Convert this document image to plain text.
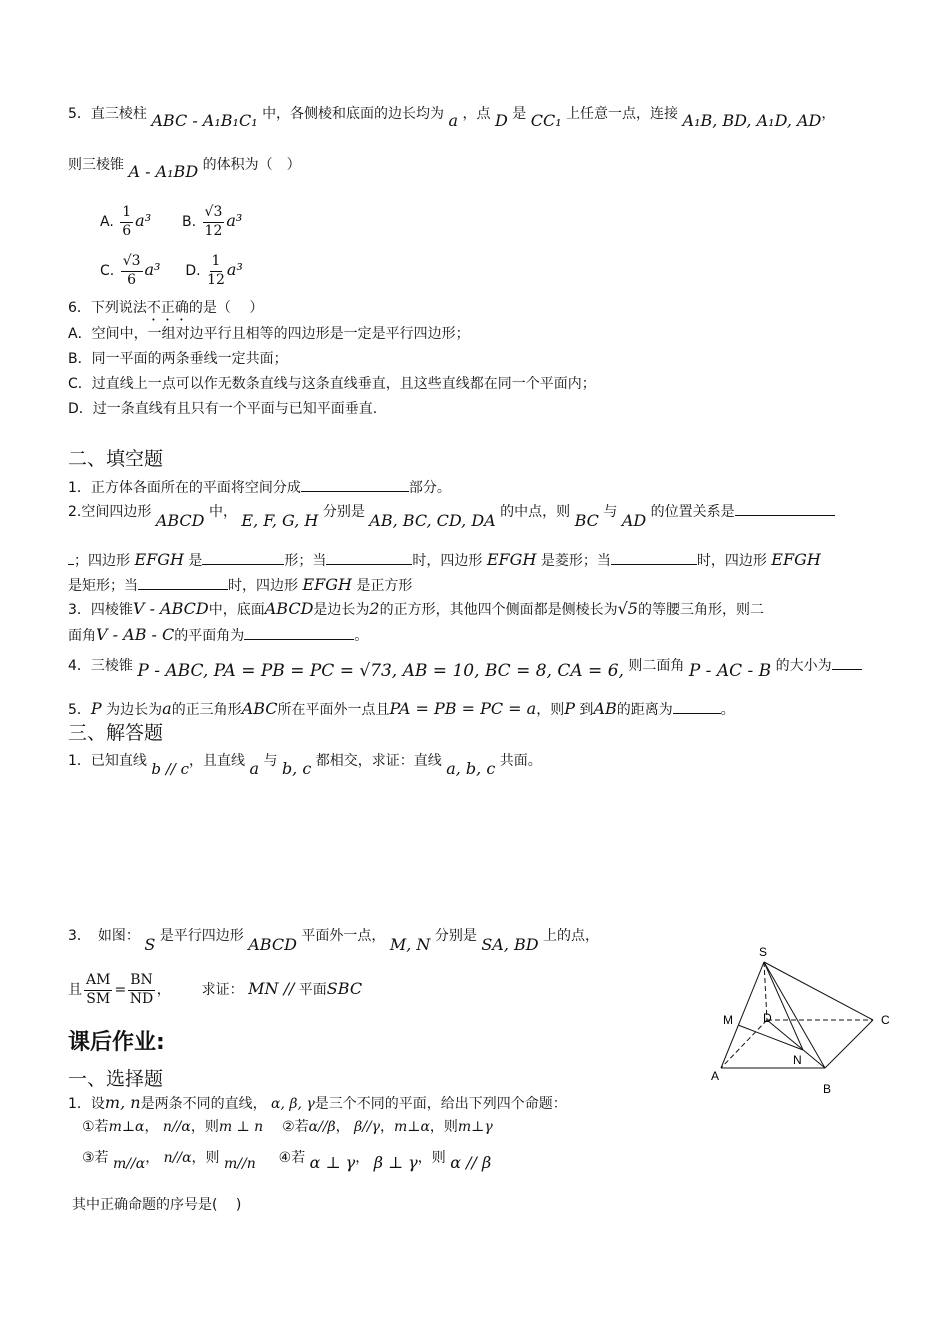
5．直三棱柱 ABC - A₁B₁C₁ 中，各侧棱和底面的边长均为 a ，点 D 是 CC₁ 上任意一点，连接 A₁B, BD, A₁D, AD，
则三棱锥 A - A₁BD 的体积为（　）
A. $\frac{1}{6} a^3$ B. $\frac{√3}{12} a^3$
C. $\frac{√3}{6} a^3$ D. $\frac{1}{12} a^3$
6．下列说法不正确的是（　 ）
A．空间中，一组对边平行且相等的四边形是一定是平行四边形；
B．同一平面的两条垂线一定共面；
C．过直线上一点可以作无数条直线与这条直线垂直，且这些直线都在同一个平面内；
D．过一条直线有且只有一个平面与已知平面垂直.
二、填空题
1．正方体各面所在的平面将空间分成	部分。
2.空间四边形 ABCD 中， E, F, G, H 分别是 AB, BC, CD, DA 的中点，则 BC 与 AD 的位置关系是
；四边形 EFGH 是	形；当	时，四边形 EFGH 是菱形；当	时，四边形 EFGH
是矩形；当	时，四边形 EFGH 是正方形
3．四棱锥V - ABCD中，底面ABCD是边长为2的正方形，其他四个侧面都是侧棱长为√5的等腰三角形，则二
面角V - AB - C的平面角为	。
4．三棱锥 P - ABC, PA = PB = PC = √73, AB = 10, BC = 8, CA = 6, 则二面角 P - AC - B 的大小为
5．P 为边长为a的正三角形ABC所在平面外一点且PA = PB = PC = a，则P 到AB的距离为	。
三、解答题
1．已知直线 b // c，且直线 a 与 b, c 都相交，求证：直线 a, b, c 共面。
3．　如图： S 是平行四边形 ABCD 平面外一点， M, N 分别是 SA, BD 上的点，
且 $\frac{AM}{SM} = \frac{BN}{ND}$ ， 求证： MN // 平面SBC
S
M	D	C
N
A
B
课后作业:
一、选择题
1．设m, n是两条不同的直线， α, β, γ是三个不同的平面，给出下列四个命题：
①若m⊥α， n//α，则m ⊥ n ②若α//β， β//γ，m⊥α，则m⊥γ
③若 m//α， n//α，则 m//n ④若 α ⊥ γ， β ⊥ γ，则 α // β
其中正确命题的序号是(　 )
